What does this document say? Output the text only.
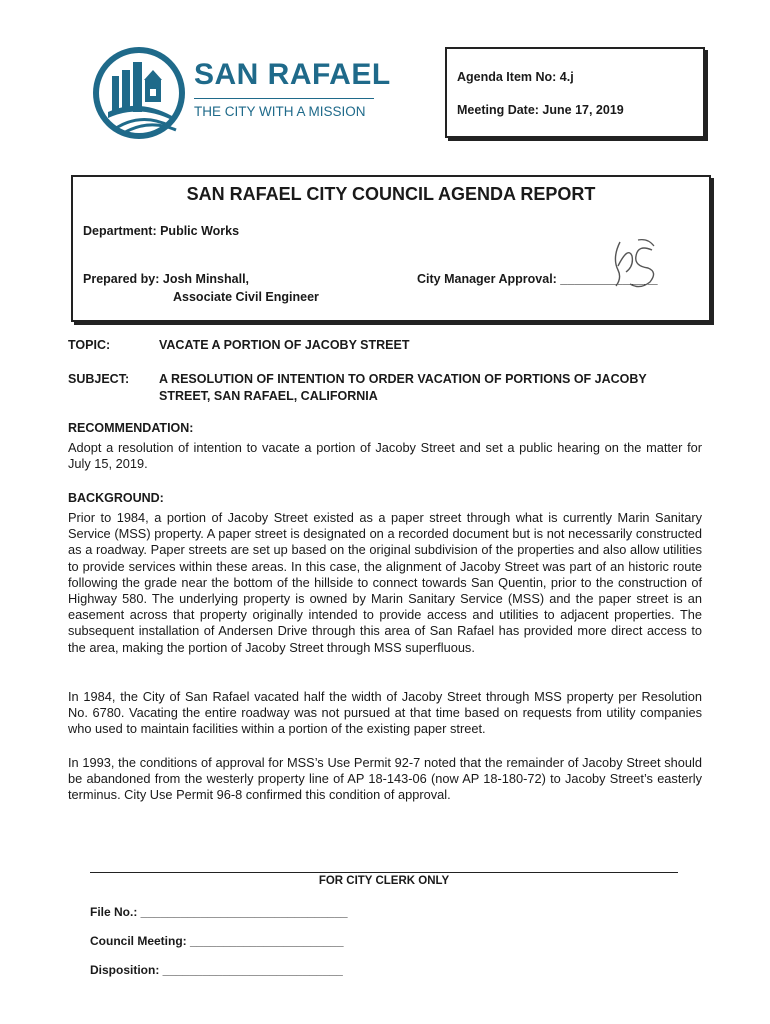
SAN RAFAEL
THE CITY WITH A MISSION
Agenda Item No: 4.j
Meeting Date: June 17, 2019
SAN RAFAEL CITY COUNCIL AGENDA REPORT
Department: Public Works
Prepared by: Josh Minshall,
Associate Civil Engineer
City Manager Approval: ______________
TOPIC:	VACATE A PORTION OF JACOBY STREET
SUBJECT: A RESOLUTION OF INTENTION TO ORDER VACATION OF PORTIONS OF JACOBY
STREET, SAN RAFAEL, CALIFORNIA
RECOMMENDATION:
Adopt a resolution of intention to vacate a portion of Jacoby Street and set a public hearing on the matter for July 15, 2019.
BACKGROUND:
Prior to 1984, a portion of Jacoby Street existed as a paper street through what is currently Marin Sanitary Service (MSS) property. A paper street is designated on a recorded document but is not necessarily constructed as a roadway. Paper streets are set up based on the original subdivision of the properties and also allow utilities to provide services within these areas. In this case, the alignment of Jacoby Street was part of an historic route following the grade near the bottom of the hillside to connect towards San Quentin, prior to the construction of Highway 580. The underlying property is owned by Marin Sanitary Service (MSS) and the paper street is an easement across that property originally intended to provide access and utilities to adjacent properties. The subsequent installation of Andersen Drive through this area of San Rafael has provided more direct access to the area, making the portion of Jacoby Street through MSS superfluous.
In 1984, the City of San Rafael vacated half the width of Jacoby Street through MSS property per Resolution No. 6780. Vacating the entire roadway was not pursued at that time based on requests from utility companies who used to maintain facilities within a portion of the existing paper street.
In 1993, the conditions of approval for MSS’s Use Permit 92-7 noted that the remainder of Jacoby Street should be abandoned from the westerly property line of AP 18-143-06 (now AP 18-180-72) to Jacoby Street’s easterly terminus. City Use Permit 96-8 confirmed this condition of approval.
FOR CITY CLERK ONLY
File No.: _______________________________
Council Meeting: _______________________
Disposition: ___________________________
